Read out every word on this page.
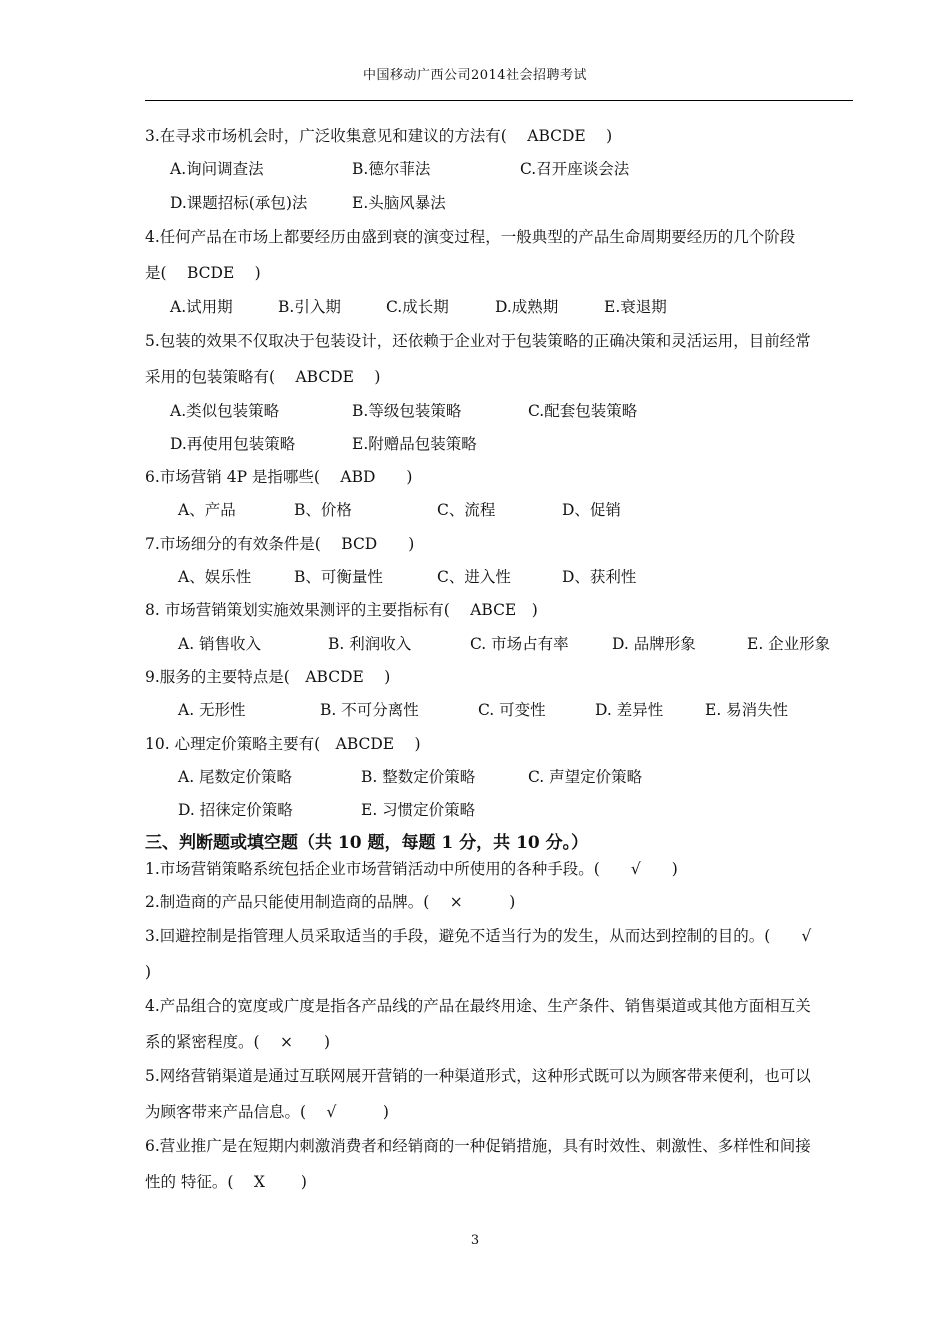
中国移动广西公司2014社会招聘考试
3.在寻求市场机会时，广泛收集意见和建议的方法有(　 ABCDE　 )
A.询问调查法	B.德尔菲法	C.召开座谈会法
D.课题招标(承包)法	E.头脑风暴法
4.任何产品在市场上都要经历由盛到衰的演变过程，一般典型的产品生命周期要经历的几个阶段
是(　 BCDE　 )
A.试用期	B.引入期	C.成长期	D.成熟期	E.衰退期
5.包装的效果不仅取决于包装设计，还依赖于企业对于包装策略的正确决策和灵活运用，目前经常
采用的包装策略有(　 ABCDE　 )
A.类似包装策略	B.等级包装策略	C.配套包装策略
D.再使用包装策略	E.附赠品包装策略
6.市场营销 4P 是指哪些(　 ABD　　)
A、产品	B、价格	C、流程	D、促销
7.市场细分的有效条件是(　 BCD　　)
A、娱乐性	B、可衡量性	C、进入性	D、获利性
8. 市场营销策划实施效果测评的主要指标有(　 ABCE　)
A. 销售收入	B. 利润收入	C. 市场占有率	D. 品牌形象	E. 企业形象
9.服务的主要特点是(　ABCDE　 )
A. 无形性	B. 不可分离性	C. 可变性	D. 差异性	E. 易消失性
10. 心理定价策略主要有(　ABCDE　 )
A. 尾数定价策略	B. 整数定价策略	C. 声望定价策略
D. 招徕定价策略	E. 习惯定价策略
三、判断题或填空题（共 10 题，每题 1 分，共 10 分。）
1.市场营销策略系统包括企业市场营销活动中所使用的各种手段。(　　√　　)
2.制造商的产品只能使用制造商的品牌。(　 ×　　　)
3.回避控制是指管理人员采取适当的手段，避免不适当行为的发生，从而达到控制的目的。(　　√
)
4.产品组合的宽度或广度是指各产品线的产品在最终用途、生产条件、销售渠道或其他方面相互关
系的紧密程度。(　 ×　　)
5.网络营销渠道是通过互联网展开营销的一种渠道形式，这种形式既可以为顾客带来便利，也可以
为顾客带来产品信息。(　 √　　　)
6.营业推广是在短期内刺激消费者和经销商的一种促销措施，具有时效性、刺激性、多样性和间接
性的 特征。(　 X　　 )
3
